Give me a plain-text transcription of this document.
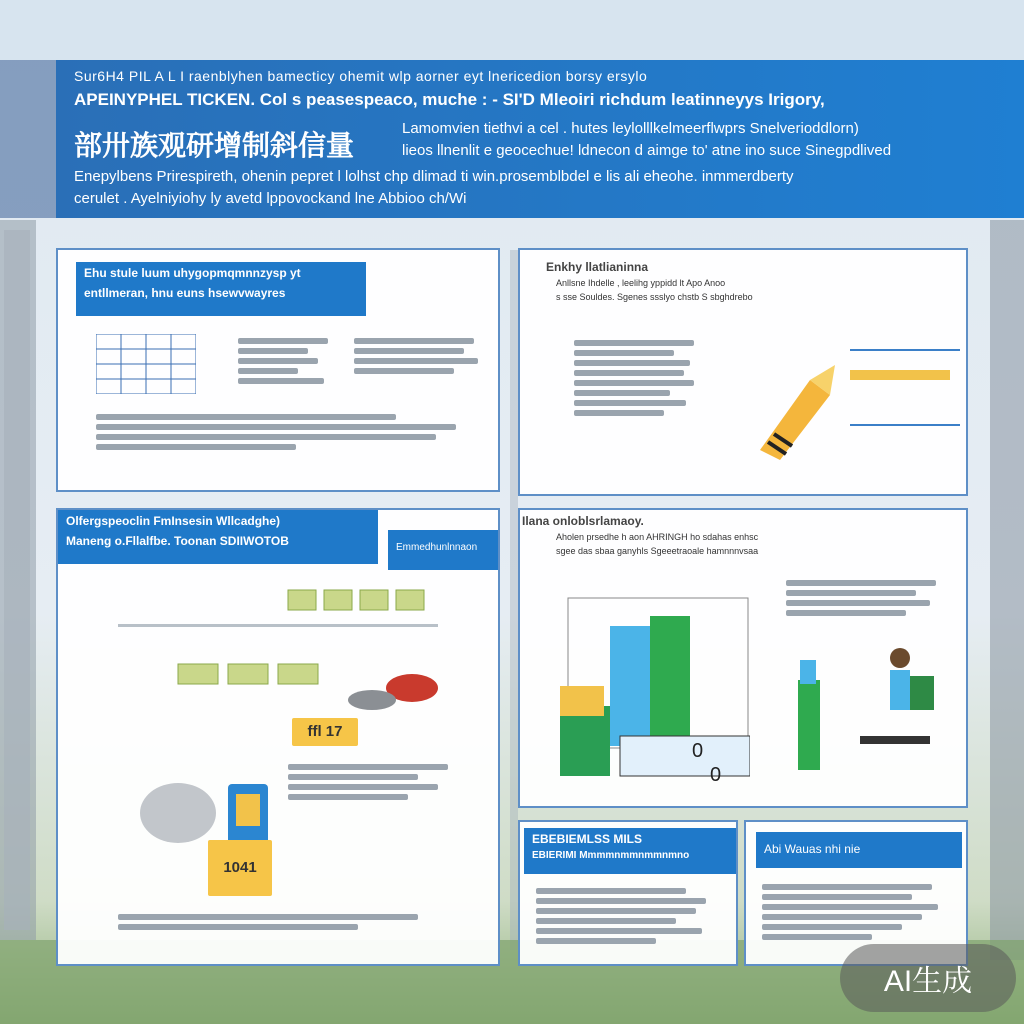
Sur6H4 PIL A L I raenblyhen bamecticy ohemit wlp aorner eyt lnericedion borsy ersylo
APEINYPHEL TICKEN. Col s peasespeaco, muche : - SI'D Mleoiri richdum leatinneyys Irigory,
部卅族观研增制斜信量
Lamomvien tiethvi a cel . hutes leylolllkelmeerflwprs Snelverioddlorn)
lieos llnenlit e geocechue! ldnecon d aimge to' atne ino suce Sinegpdlived
Enepylbens Prirespireth, ohenin pepret l lolhst chp dlimad ti win.prosemblbdel e lis ali eheohe. inmmerdberty
cerulet . Ayelniyiohy ly avetd lppovockand lne Abbioo ch/Wi
Ehu stule luum uhygopmqmnnzysp yt
entllmeran, hnu euns hsewvwayres
Enkhy llatlianinna
Anllsne Ihdelle , leelihg yppidd lt Apo Anoo
s sse Souldes. Sgenes ssslyo chstb S sbghdrebo
Olfergspeoclin FmInsesin Wllcadghe)
Maneng o.Fllalfbe. Toonan SDIIWOTOB	Emmedhunlnnaon
ffl 17
1041
Ilana onloblsrlamaoy.
Aholen prsedhe h aon AHRINGH ho sdahas enhsc
sgee das sbaa ganyhls Sgeeetraoale hamnnnvsaa
0
0
EBEBIEMLSS MILS
EBIERIMI Mmmmnmmnmmnmno	Abi Wauas nhi nie
AI生成
